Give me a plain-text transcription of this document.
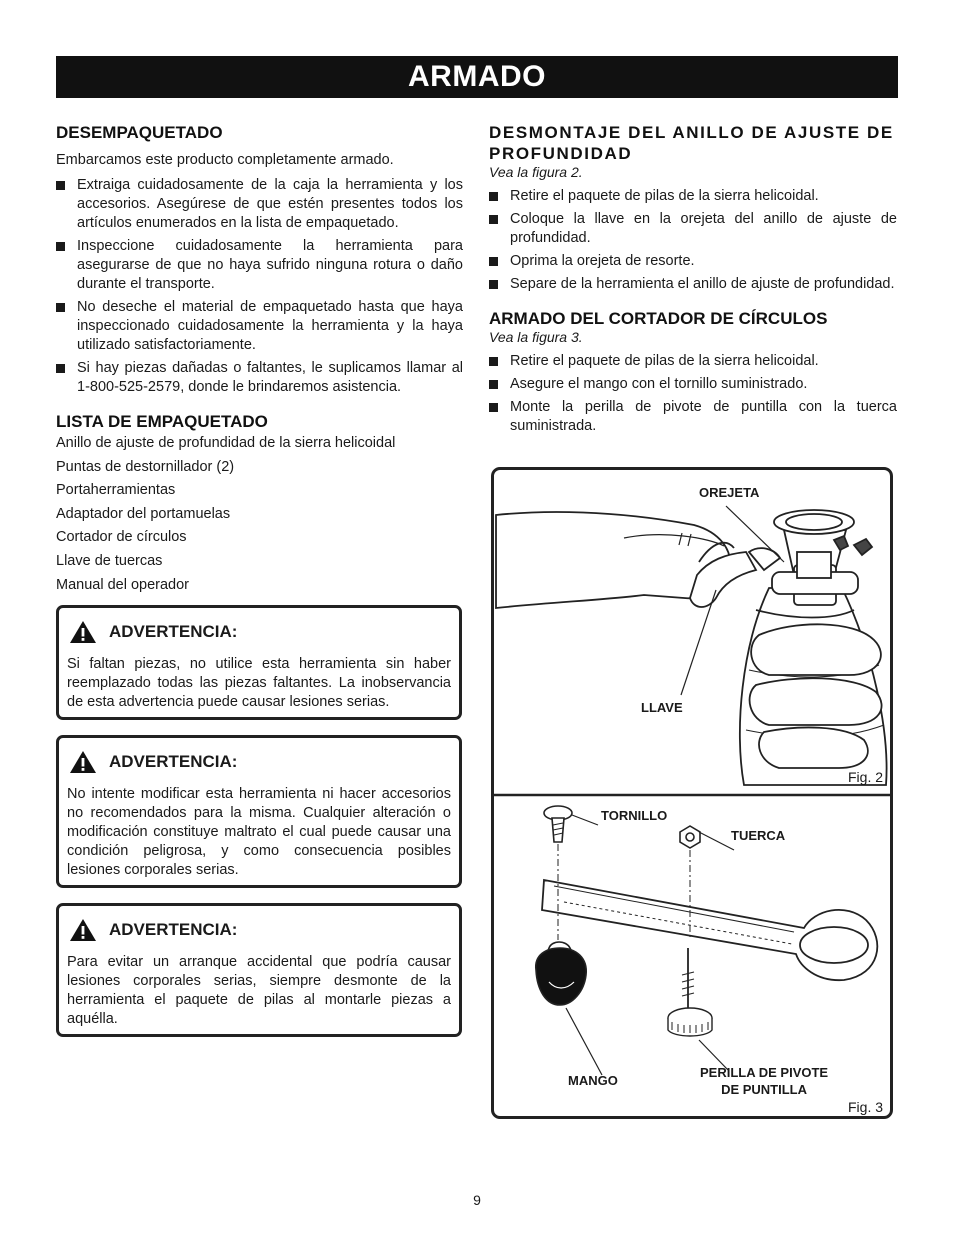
ARMADO
DESEMPAQUETADO

Embarcamos este producto completamente armado.

Extraiga cuidadosamente de la caja la herramienta y los accesorios. Asegúrese de que estén presentes todos los artículos enumerados en la lista de empaquetado.
Inspeccione cuidadosamente la herramienta para asegurarse de que no haya sufrido ninguna rotura o daño durante el transporte.
No deseche el material de empaquetado hasta que haya inspeccionado cuidadosamente la herramienta y la haya utilizado satisfactoriamente.
Si hay piezas dañadas o faltantes, le suplicamos llamar al 1-800-525-2579, donde le brindaremos asistencia.
LISTA DE EMPAQUETADO
Anillo de ajuste de profundidad de la sierra helicoidal
Puntas de destornillador (2)
Portaherramientas
Adaptador del portamuelas
Cortador de círculos
Llave de tuercas
Manual del operador
ADVERTENCIA:

Si faltan piezas, no utilice esta herramienta sin haber reemplazado todas las piezas faltantes. La inobservancia de esta advertencia puede causar lesiones serias.

ADVERTENCIA:

No intente modificar esta herramienta ni hacer accesorios no recomendados para la misma. Cualquier alteración o modificación constituye maltrato el cual puede causar una condición peligrosa, y como consecuencia posibles lesiones corporales serias.

ADVERTENCIA:

Para evitar un arranque accidental que podría causar lesiones corporales serias, siempre desmonte de la herramienta el paquete de pilas al montarle piezas a aquélla.

DESMONTAJE DEL ANILLO DE AJUSTE DE PROFUNDIDAD
Vea la figura 2.
Retire el paquete de pilas de la sierra helicoidal.
Coloque la llave en la orejeta del anillo de ajuste de profundidad.
Oprima la orejeta de resorte.
Separe de la herramienta el anillo de ajuste de profundidad.
ARMADO DEL CORTADOR DE CÍRCULOS
Vea la figura 3.
Retire el paquete de pilas de la sierra helicoidal.
Asegure el mango con el tornillo suministrado.
Monte la perilla de pivote de puntilla con la tuerca suministrada.
OREJETA
LLAVE
Fig. 2
TORNILLO
TUERCA
MANGO
PERILLA DE PIVOTE
DE PUNTILLA
Fig. 3
9
